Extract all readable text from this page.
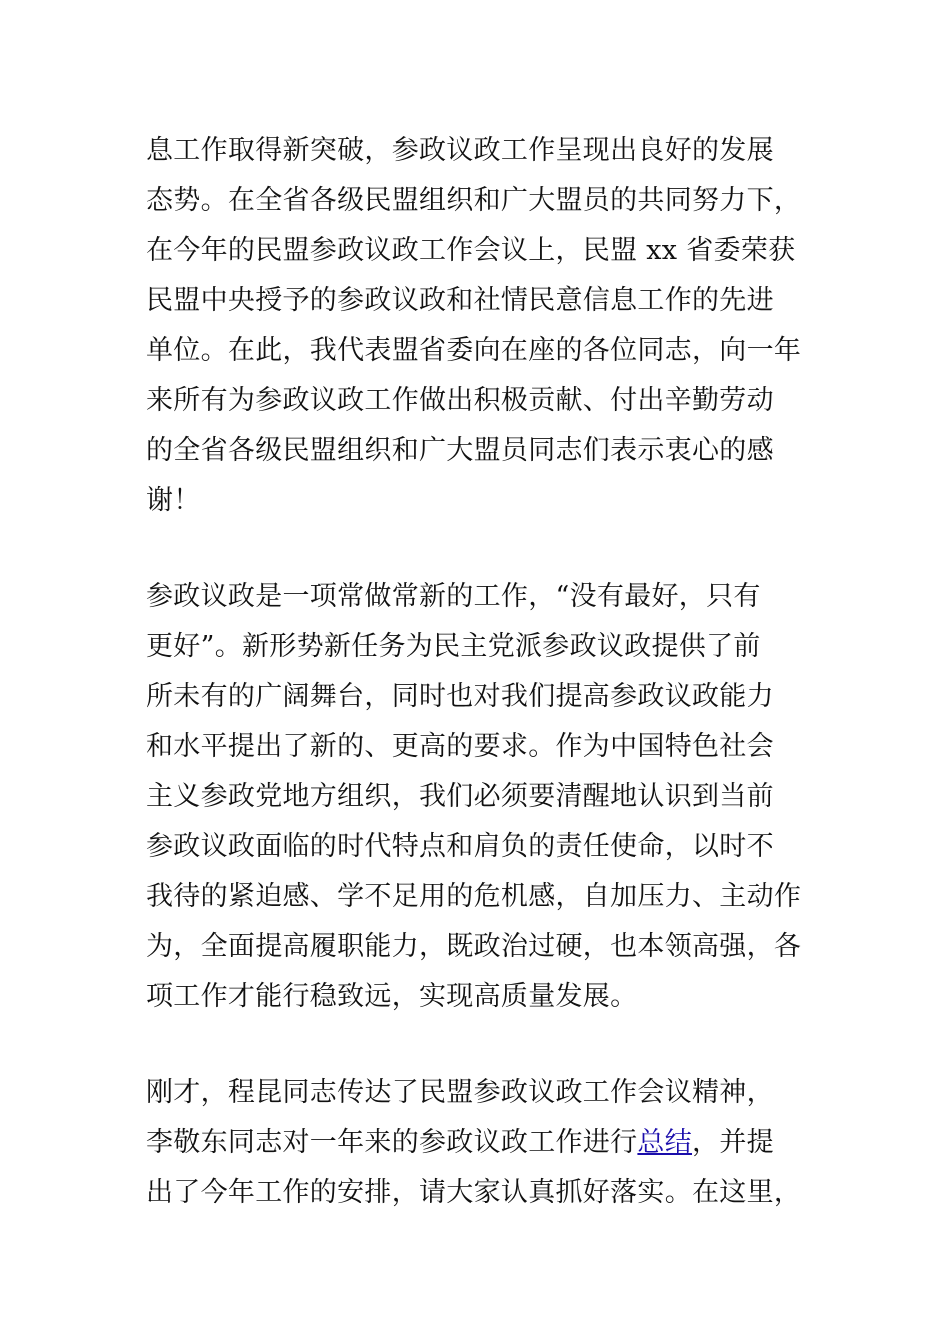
息工作取得新突破，参政议政工作呈现出良好的发展
态势。在全省各级民盟组织和广大盟员的共同努力下，
在今年的民盟参政议政工作会议上，民盟 xx 省委荣获
民盟中央授予的参政议政和社情民意信息工作的先进
单位。在此，我代表盟省委向在座的各位同志，向一年
来所有为参政议政工作做出积极贡献、付出辛勤劳动
的全省各级民盟组织和广大盟员同志们表示衷心的感
谢！
参政议政是一项常做常新的工作，“没有最好，只有
更好”。新形势新任务为民主党派参政议政提供了前
所未有的广阔舞台，同时也对我们提高参政议政能力
和水平提出了新的、更高的要求。作为中国特色社会
主义参政党地方组织，我们必须要清醒地认识到当前
参政议政面临的时代特点和肩负的责任使命，以时不
我待的紧迫感、学不足用的危机感，自加压力、主动作
为，全面提高履职能力，既政治过硬，也本领高强，各
项工作才能行稳致远，实现高质量发展。
刚才，程昆同志传达了民盟参政议政工作会议精神，
李敬东同志对一年来的参政议政工作进行总结，并提
出了今年工作的安排，请大家认真抓好落实。在这里，
